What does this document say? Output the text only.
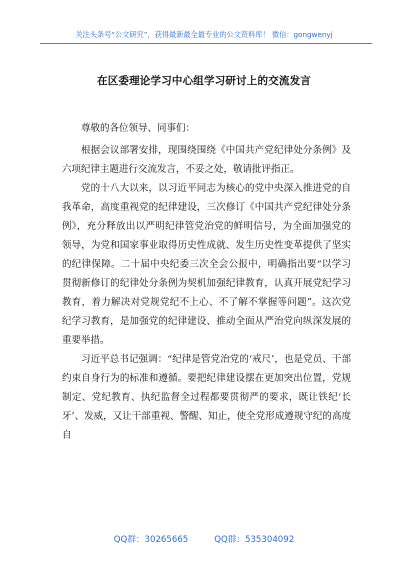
关注头条号“公文研究”，获得最新最全最专业的公文资料库！ 微信：gongwenyj
在区委理论学习中心组学习研讨上的交流发言

尊敬的各位领导、同事们：

根据会议部署安排，现围绕围绕《中国共产党纪律处分条例》及六项纪律主题进行交流发言，不妥之处，敬请批评指正。

党的十八大以来，以习近平同志为核心的党中央深入推进党的自我革命，高度重视党的纪律建设，三次修订《中国共产党纪律处分条例》，充分释放出以严明纪律管党治党的鲜明信号，为全面加强党的领导，为党和国家事业取得历史性成就、发生历史性变革提供了坚实的纪律保障。二十届中央纪委三次全会公报中，明确指出要“以学习贯彻新修订的纪律处分条例为契机加强纪律教育，认真开展党纪学习教育，着力解决对党规党纪不上心、不了解不掌握等问题”。这次党纪学习教育，是加强党的纪律建设、推动全面从严治党向纵深发展的重要举措。

习近平总书记强调：“纪律是管党治党的‘戒尺’，也是党员、干部约束自身行为的标准和遵循。要把纪律建设摆在更加突出位置，党规制定、党纪教育、执纪监督全过程都要贯彻严的要求，既让铁纪‘长牙’、发威，又让干部重视、警醒、知止，使全党形成遵规守纪的高度自

QQ群：30265665	QQ群：535304092
